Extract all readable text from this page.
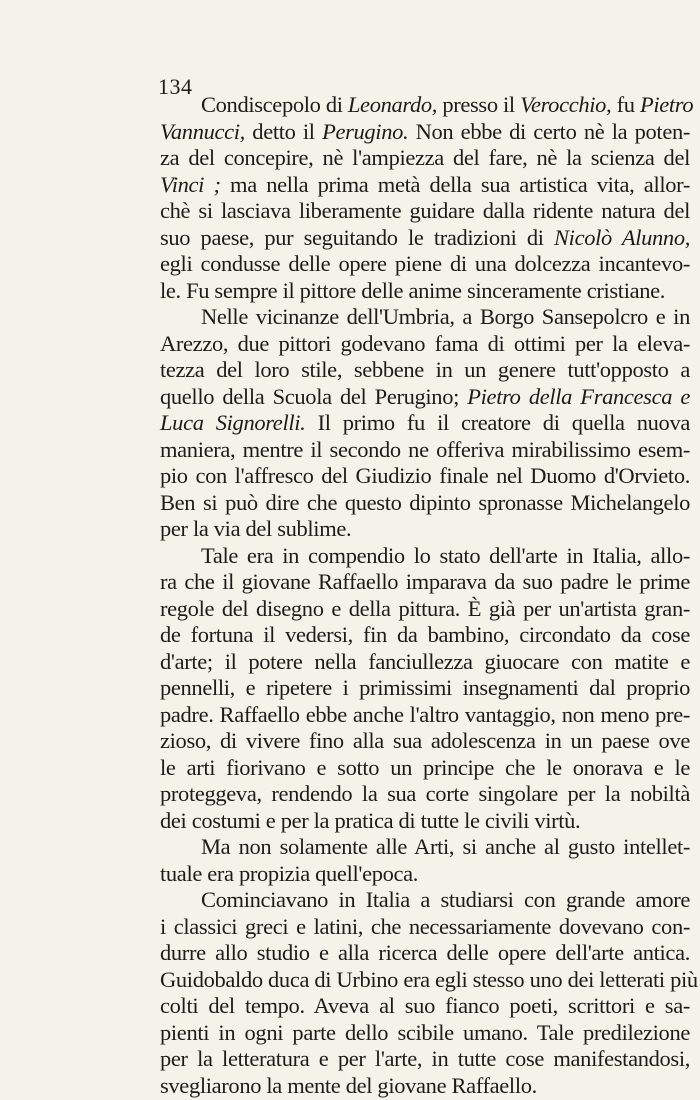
134
Condiscepolo di Leonardo, presso il Verocchio, fu Pietro
Vannucci, detto il Perugino. Non ebbe di certo nè la poten-
za del concepire, nè l'ampiezza del fare, nè la scienza del
Vinci ; ma nella prima metà della sua artistica vita, allor-
chè si lasciava liberamente guidare dalla ridente natura del
suo paese, pur seguitando le tradizioni di Nicolò Alunno,
egli condusse delle opere piene di una dolcezza incantevo-
le. Fu sempre il pittore delle anime sinceramente cristiane.
Nelle vicinanze dell'Umbria, a Borgo Sansepolcro e in
Arezzo, due pittori godevano fama di ottimi per la eleva-
tezza del loro stile, sebbene in un genere tutt'opposto a
quello della Scuola del Perugino; Pietro della Francesca e
Luca Signorelli. Il primo fu il creatore di quella nuova
maniera, mentre il secondo ne offeriva mirabilissimo esem-
pio con l'affresco del Giudizio finale nel Duomo d'Orvieto.
Ben si può dire che questo dipinto spronasse Michelangelo
per la via del sublime.
Tale era in compendio lo stato dell'arte in Italia, allo-
ra che il giovane Raffaello imparava da suo padre le prime
regole del disegno e della pittura. È già per un'artista gran-
de fortuna il vedersi, fin da bambino, circondato da cose
d'arte; il potere nella fanciullezza giuocare con matite e
pennelli, e ripetere i primissimi insegnamenti dal proprio
padre. Raffaello ebbe anche l'altro vantaggio, non meno pre-
zioso, di vivere fino alla sua adolescenza in un paese ove
le arti fiorivano e sotto un principe che le onorava e le
proteggeva, rendendo la sua corte singolare per la nobiltà
dei costumi e per la pratica di tutte le civili virtù.
Ma non solamente alle Arti, si anche al gusto intellet-
tuale era propizia quell'epoca.
Cominciavano in Italia a studiarsi con grande amore
i classici greci e latini, che necessariamente dovevano con-
durre allo studio e alla ricerca delle opere dell'arte antica.
Guidobaldo duca di Urbino era egli stesso uno dei letterati più
colti del tempo. Aveva al suo fianco poeti, scrittori e sa-
pienti in ogni parte dello scibile umano. Tale predilezione
per la letteratura e per l'arte, in tutte cose manifestandosi,
svegliarono la mente del giovane Raffaello.
